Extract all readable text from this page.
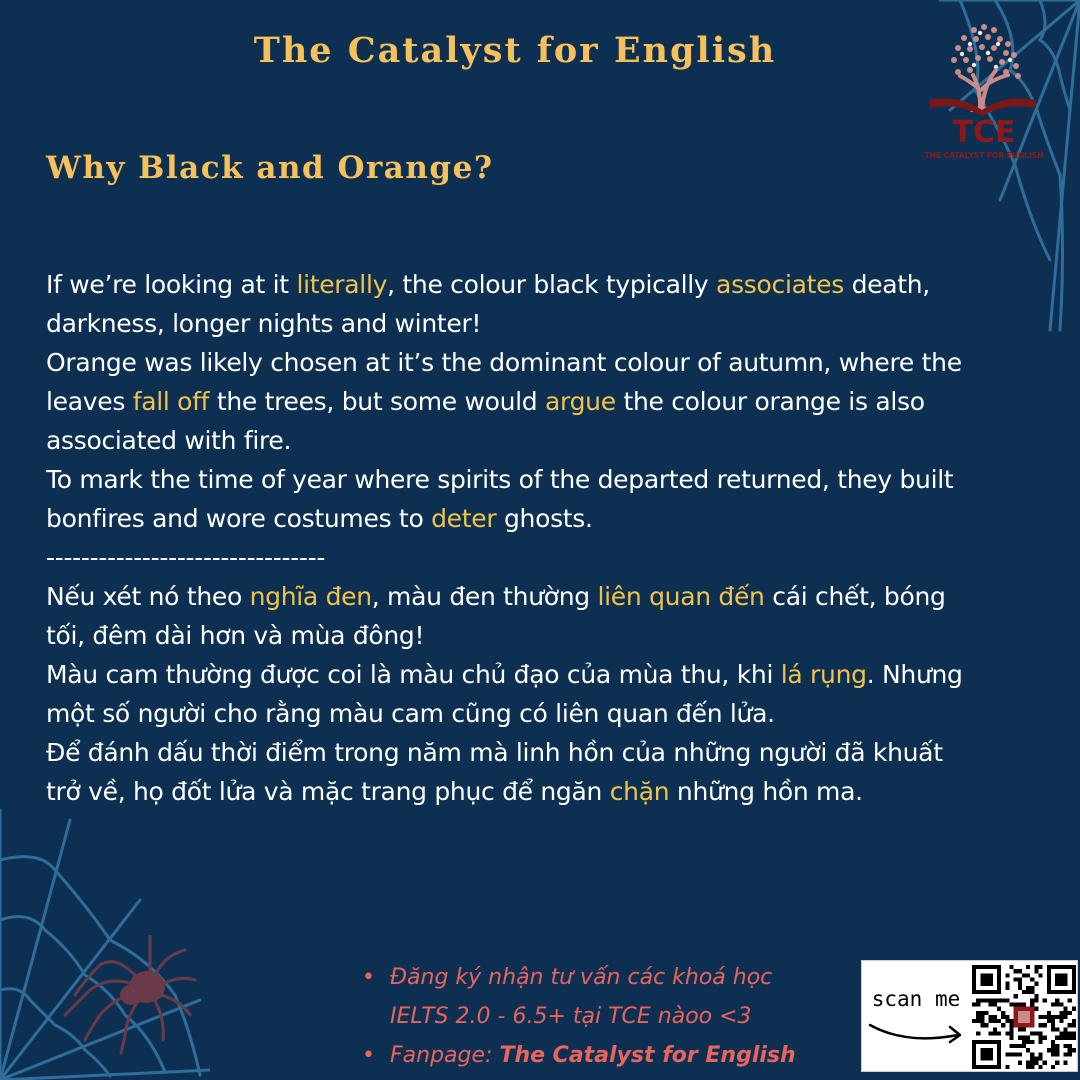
The Catalyst for English
TCE
THE CATALYST FOR ENGLISH
Why Black and Orange?
If we’re looking at it literally, the colour black typically associates death,
darkness, longer nights and winter!
Orange was likely chosen at it’s the dominant colour of autumn, where the
leaves fall off the trees, but some would argue the colour orange is also
associated with fire.
To mark the time of year where spirits of the departed returned, they built
bonfires and wore costumes to deter ghosts.
--------------------------------
Nếu xét nó theo nghĩa đen, màu đen thường liên quan đến cái chết, bóng
tối, đêm dài hơn và mùa đông!
Màu cam thường được coi là màu chủ đạo của mùa thu, khi lá rụng. Nhưng
một số người cho rằng màu cam cũng có liên quan đến lửa.
Để đánh dấu thời điểm trong năm mà linh hồn của những người đã khuất
trở về, họ đốt lửa và mặc trang phục để ngăn chặn những hồn ma.
• Đăng ký nhận tư vấn các khoá học
IELTS 2.0 - 6.5+ tại TCE nàoo <3
• Fanpage: The Catalyst for English
scan me
